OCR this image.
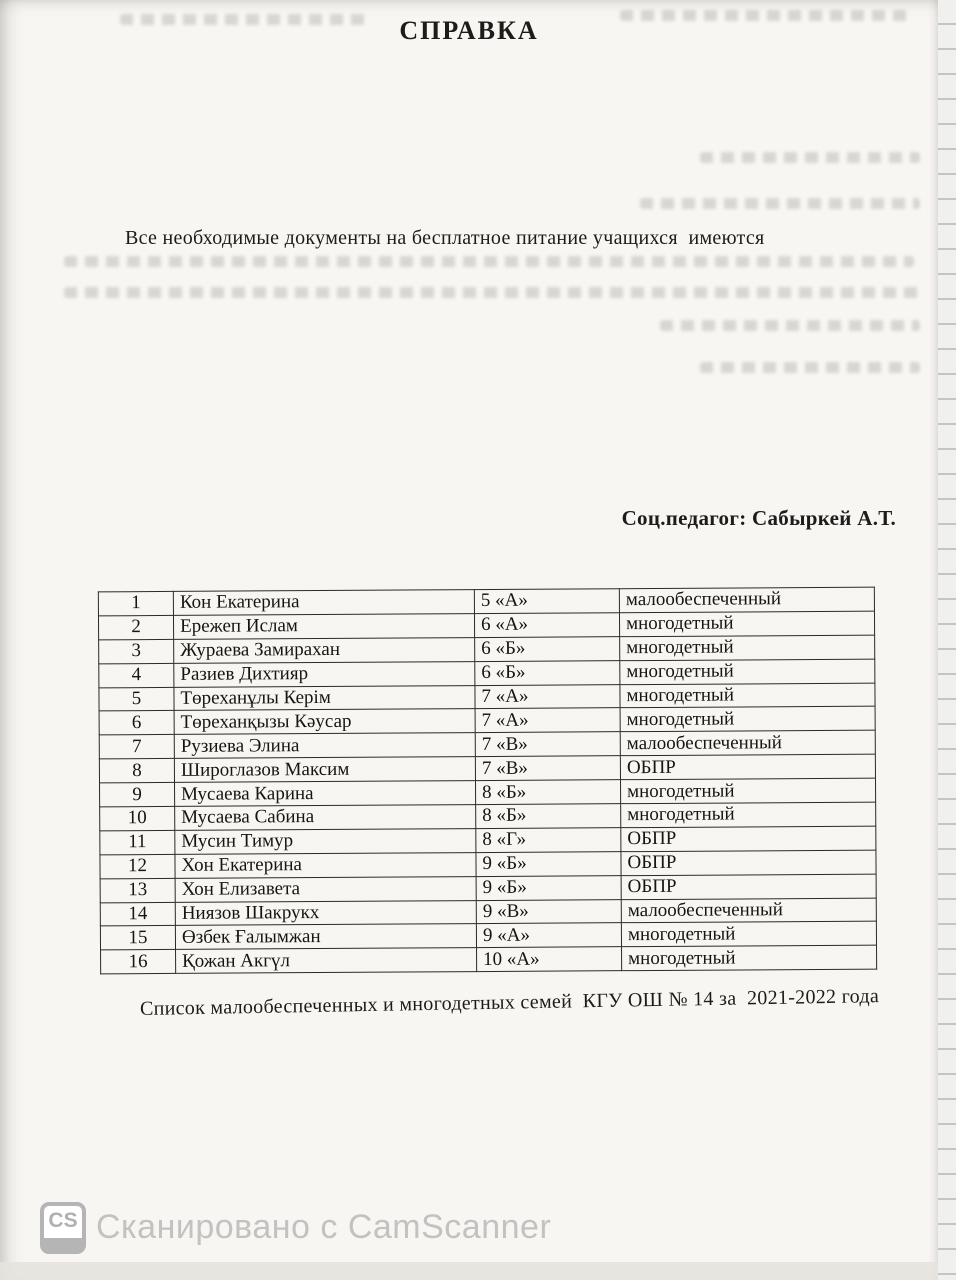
СПРАВКА
Все необходимые документы на бесплатное питание учащихся  имеются
Соц.педагог: Сабыркей А.Т.
1	Кон Екатерина	5 «А»	малообеспеченный
2	Ережеп Ислам	6 «А»	многодетный
3	Жураева Замирахан	6 «Б»	многодетный
4	Разиев Дихтияр	6 «Б»	многодетный
5	Төреханұлы Керім	7 «А»	многодетный
6	Төреханқызы Кәусар	7 «А»	многодетный
7	Рузиева Элина	7 «В»	малообеспеченный
8	Широглазов Максим	7 «В»	ОБПР
9	Мусаева Карина	8 «Б»	многодетный
10	Мусаева Сабина	8 «Б»	многодетный
11	Мусин Тимур	8 «Г»	ОБПР
12	Хон Екатерина	9 «Б»	ОБПР
13	Хон Елизавета	9 «Б»	ОБПР
14	Ниязов Шакрукх	9 «В»	малообеспеченный
15	Өзбек Ғалымжан	9 «А»	многодетный
16	Қожан Акгүл	10 «А»	многодетный
Список малообеспеченных и многодетных семей  КГУ ОШ № 14 за  2021-2022 года
CS Сканировано с CamScanner
